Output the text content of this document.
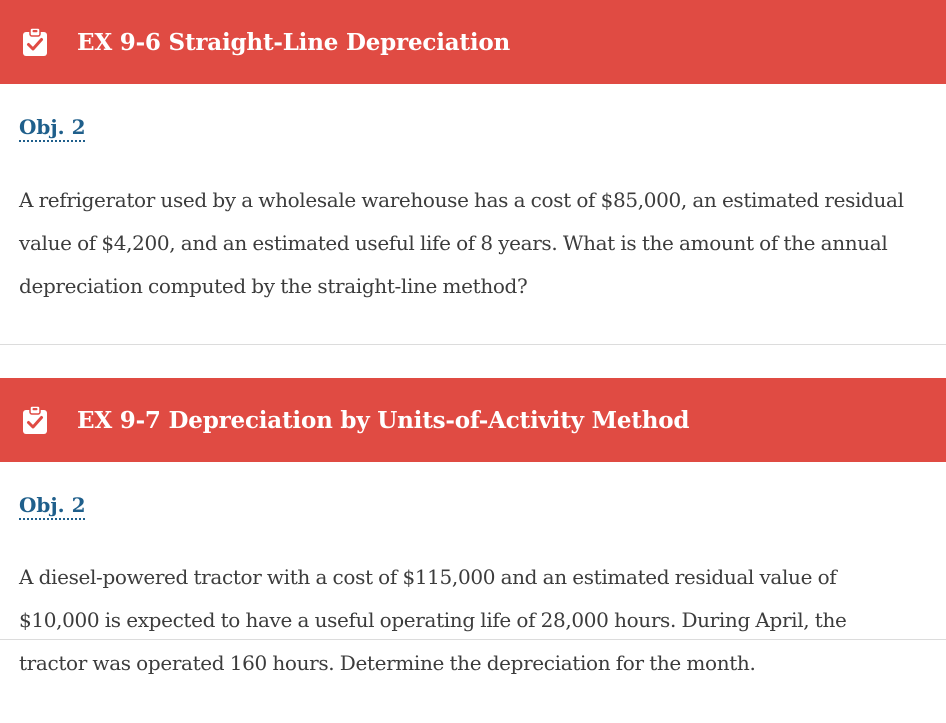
EX 9-6 Straight-Line Depreciation
Obj. 2

A refrigerator used by a wholesale warehouse has a cost of $85,000, an estimated residual
value of $4,200, and an estimated useful life of 8 years. What is the amount of the annual
depreciation computed by the straight-line method?

EX 9-7 Depreciation by Units-of-Activity Method
Obj. 2

A diesel-powered tractor with a cost of $115,000 and an estimated residual value of
$10,000 is expected to have a useful operating life of 28,000 hours. During April, the
tractor was operated 160 hours. Determine the depreciation for the month.
